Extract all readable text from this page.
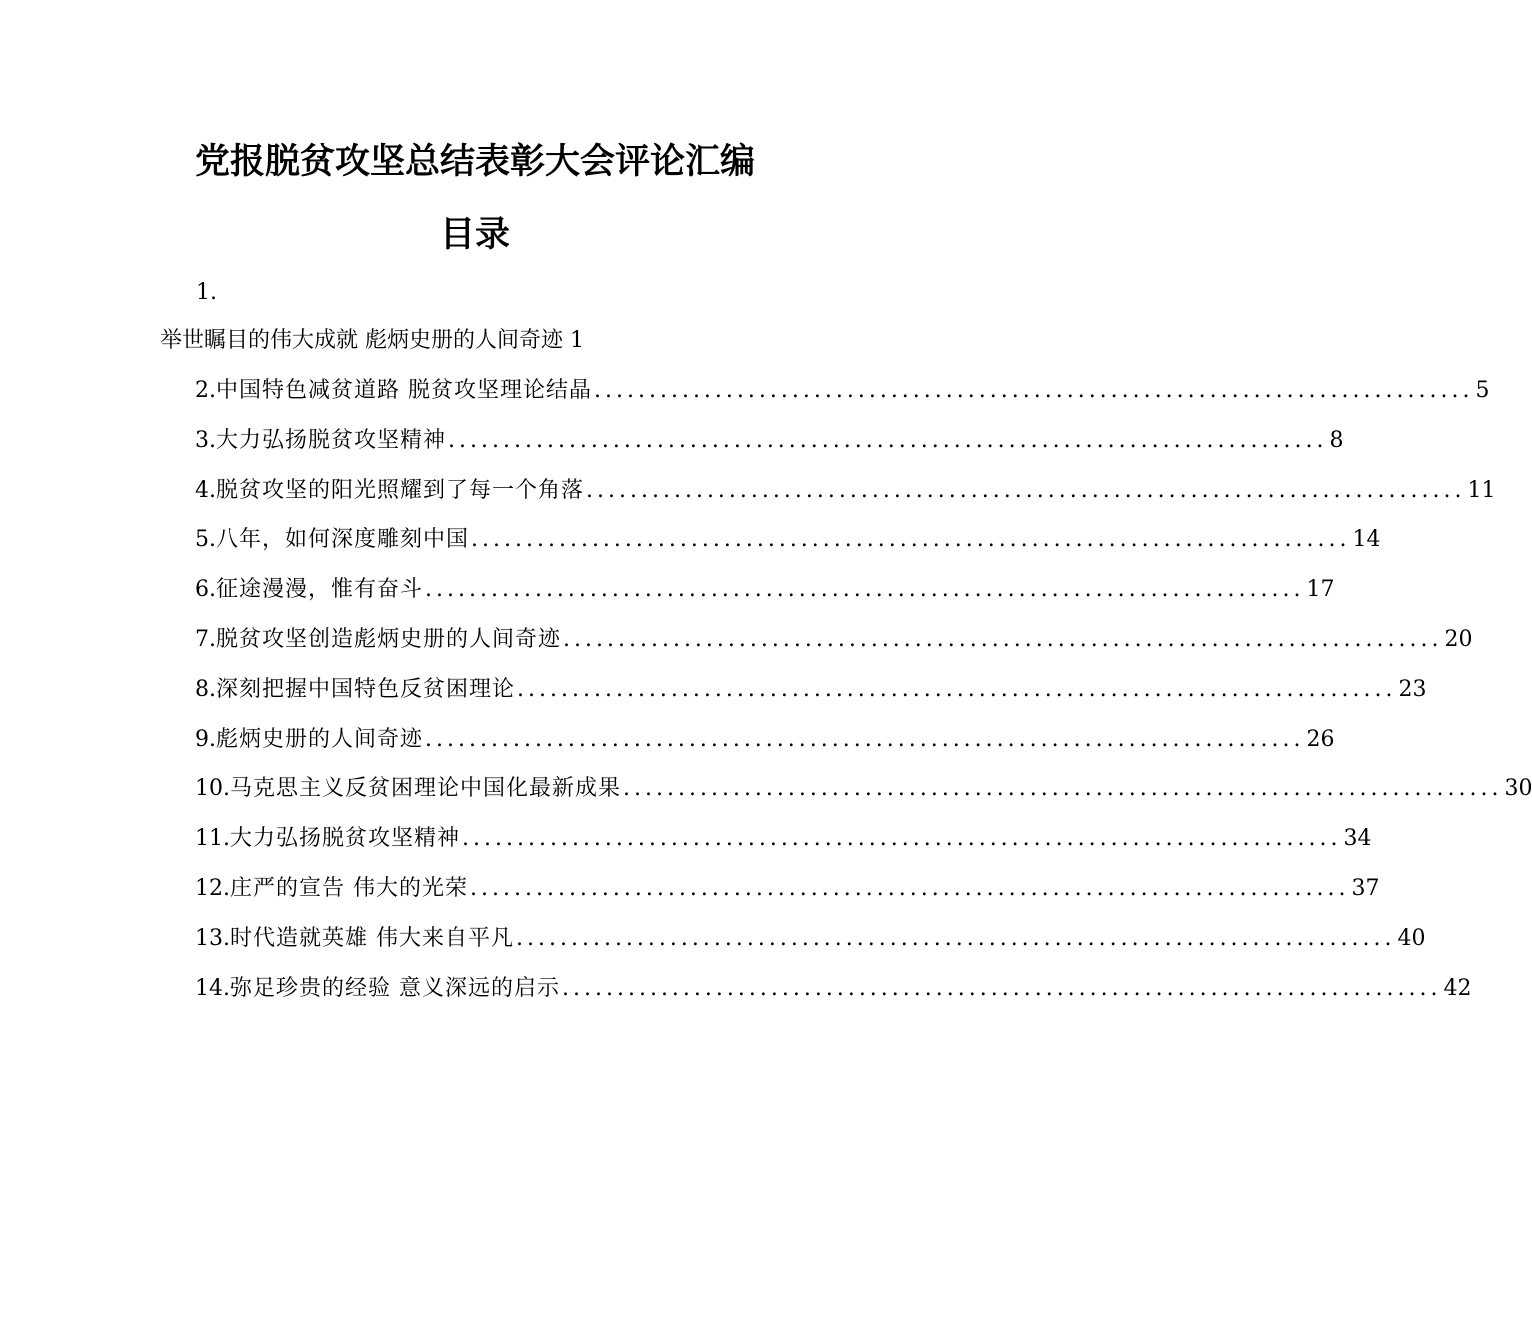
党报脱贫攻坚总结表彰大会评论汇编
目录
1.
举世瞩目的伟大成就 彪炳史册的人间奇迹 1
2. 中国特色减贫道路 脱贫攻坚理论结晶 ................................................................................ 5
3. 大力弘扬脱贫攻坚精神 ................................................................................ 8
4. 脱贫攻坚的阳光照耀到了每一个角落 ................................................................................ 11
5. 八年，如何深度雕刻中国 ................................................................................ 14
6. 征途漫漫，惟有奋斗 ................................................................................ 17
7. 脱贫攻坚创造彪炳史册的人间奇迹 ................................................................................ 20
8. 深刻把握中国特色反贫困理论 ................................................................................ 23
9. 彪炳史册的人间奇迹 ................................................................................ 26
10. 马克思主义反贫困理论中国化最新成果 ................................................................................ 30
11. 大力弘扬脱贫攻坚精神 ................................................................................ 34
12. 庄严的宣告 伟大的光荣 ................................................................................ 37
13. 时代造就英雄 伟大来自平凡 ................................................................................ 40
14. 弥足珍贵的经验 意义深远的启示 ................................................................................ 42
